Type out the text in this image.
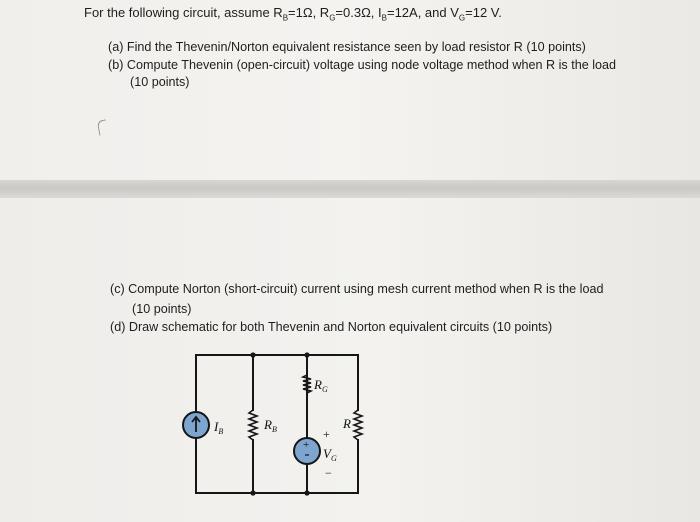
For the following circuit, assume $R_B=1\Omega$, $R_G=0.3\Omega$, $I_B=12A$, and $V_G=12$ V.
(a) Find the Thevenin/Norton equivalent resistance seen by load resistor R (10 points)
(b) Compute Thevenin (open-circuit) voltage using node voltage method when R is the load
(10 points)
(c) Compute Norton (short-circuit) current using mesh current method when R is the load
(10 points)
(d) Draw schematic for both Thevenin and Norton equivalent circuits (10 points)
+
$I_B$	$R_B$
$R_G$
R
+
$V_G$
−
